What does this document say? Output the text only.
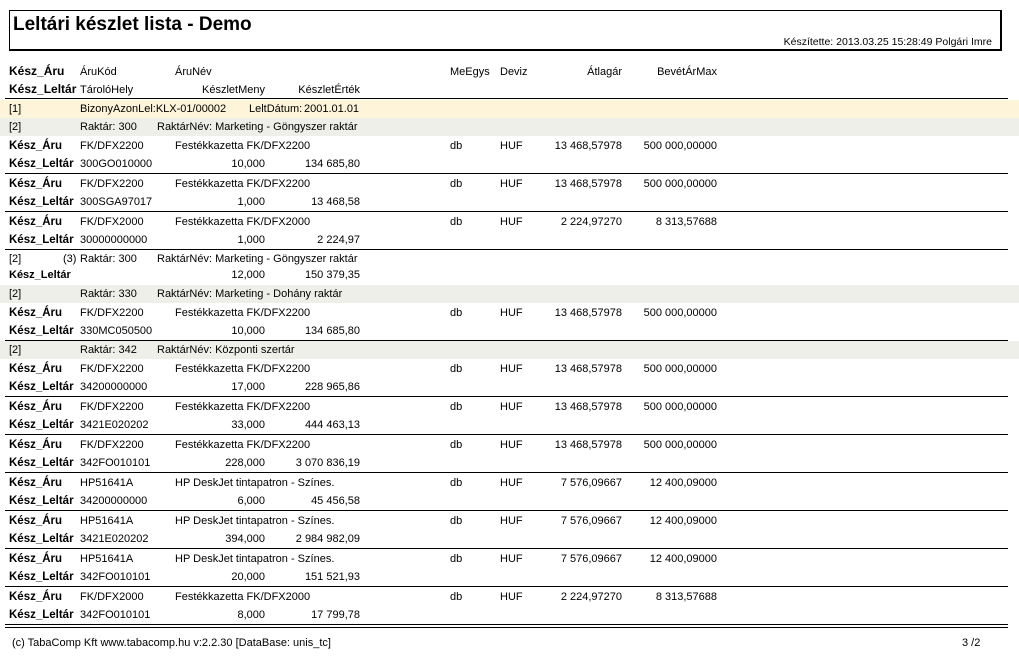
Leltári készlet lista - Demo
Készítette: 2013.03.25 15:28:49 Polgári Imre
Kész_Áru ÁruKód	ÁruNév	MeEgys Deviz	Átlagár	BevétÁrMax
Kész_Leltár TárolóHely	KészletMeny	KészletÉrték
[1]	BizonyAzonLel:KLX-01/00002 LeltDátum: 2001.01.01
[2]	Raktár: 300 RaktárNév: Marketing - Göngyszer raktár
Kész_Áru FK/DFX2200	Festékkazetta FK/DFX2200	db	HUF	13 468,57978	500 000,00000
Kész_Leltár 300GO010000	10,000	134 685,80
Kész_Áru FK/DFX2200	Festékkazetta FK/DFX2200	db	HUF	13 468,57978	500 000,00000
Kész_Leltár 300SGA97017	1,000	13 468,58
Kész_Áru FK/DFX2000	Festékkazetta FK/DFX2000	db	HUF	2 224,97270	8 313,57688
Kész_Leltár 30000000000	1,000	2 224,97
[2]	(3) Raktár: 300 RaktárNév: Marketing - Göngyszer raktár
Kész_Leltár	12,000	150 379,35
[2]	Raktár: 330 RaktárNév: Marketing - Dohány raktár
Kész_Áru FK/DFX2200	Festékkazetta FK/DFX2200	db	HUF	13 468,57978	500 000,00000
Kész_Leltár 330MC050500	10,000	134 685,80
[2]	Raktár: 342 RaktárNév: Központi szertár
Kész_Áru FK/DFX2200	Festékkazetta FK/DFX2200	db	HUF	13 468,57978	500 000,00000
Kész_Leltár 34200000000	17,000	228 965,86
Kész_Áru FK/DFX2200	Festékkazetta FK/DFX2200	db	HUF	13 468,57978	500 000,00000
Kész_Leltár 3421E020202	33,000	444 463,13
Kész_Áru FK/DFX2200	Festékkazetta FK/DFX2200	db	HUF	13 468,57978	500 000,00000
Kész_Leltár 342FO010101	228,000	3 070 836,19
Kész_Áru HP51641A	HP DeskJet tintapatron - Színes.	db	HUF	7 576,09667	12 400,09000
Kész_Leltár 34200000000	6,000	45 456,58
Kész_Áru HP51641A	HP DeskJet tintapatron - Színes.	db	HUF	7 576,09667	12 400,09000
Kész_Leltár 3421E020202	394,000	2 984 982,09
Kész_Áru HP51641A	HP DeskJet tintapatron - Színes.	db	HUF	7 576,09667	12 400,09000
Kész_Leltár 342FO010101	20,000	151 521,93
Kész_Áru FK/DFX2000	Festékkazetta FK/DFX2000	db	HUF	2 224,97270	8 313,57688
Kész_Leltár 342FO010101	8,000	17 799,78
(c) TabaComp Kft www.tabacomp.hu v:2.2.30 [DataBase: unis_tc]	3 /2
